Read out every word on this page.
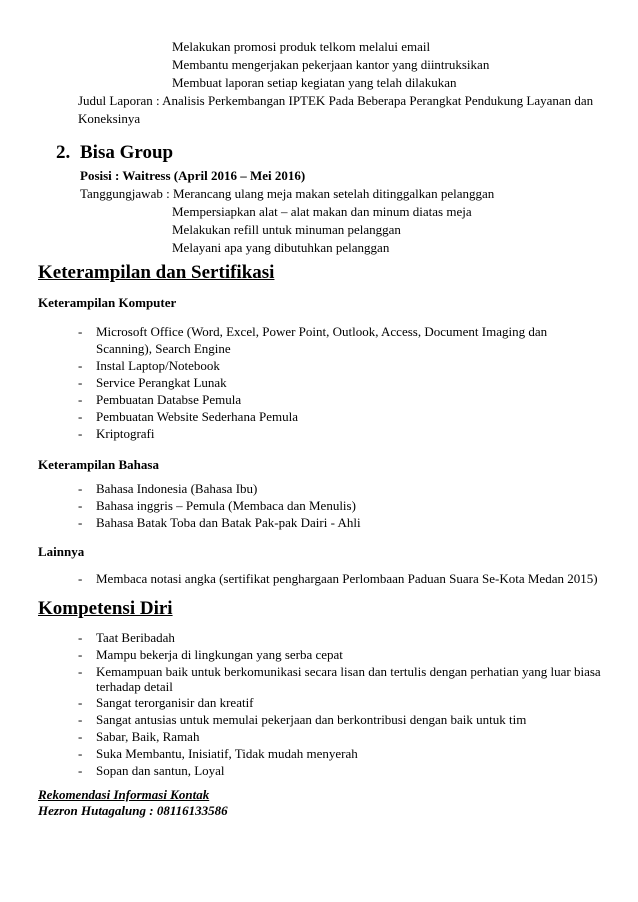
Melakukan promosi produk telkom melalui email
Membantu mengerjakan pekerjaan kantor yang diintruksikan
Membuat laporan setiap kegiatan yang telah dilakukan
Judul Laporan : Analisis Perkembangan IPTEK Pada Beberapa Perangkat Pendukung Layanan dan
Koneksinya
2. Bisa Group
Posisi : Waitress (April 2016 – Mei 2016)
Tanggungjawab : Merancang ulang meja makan setelah ditinggalkan pelanggan
Mempersiapkan alat – alat makan dan minum diatas meja
Melakukan refill untuk minuman pelanggan
Melayani apa yang dibutuhkan pelanggan
Keterampilan dan Sertifikasi
Keterampilan Komputer
- Microsoft Office (Word, Excel, Power Point, Outlook, Access, Document Imaging dan
Scanning), Search Engine
- Instal Laptop/Notebook
- Service Perangkat Lunak
- Pembuatan Databse Pemula
- Pembuatan Website Sederhana Pemula
- Kriptografi
Keterampilan Bahasa
- Bahasa Indonesia (Bahasa Ibu)
- Bahasa inggris – Pemula (Membaca dan Menulis)
- Bahasa Batak Toba dan Batak Pak-pak Dairi - Ahli
Lainnya
- Membaca notasi angka (sertifikat penghargaan Perlombaan Paduan Suara Se-Kota Medan 2015)
Kompetensi Diri
- Taat Beribadah
- Mampu bekerja di lingkungan yang serba cepat
- Kemampuan baik untuk berkomunikasi secara lisan dan tertulis dengan perhatian yang luar biasa
terhadap detail
- Sangat terorganisir dan kreatif
- Sangat antusias untuk memulai pekerjaan dan berkontribusi dengan baik untuk tim
- Sabar, Baik, Ramah
- Suka Membantu, Inisiatif, Tidak mudah menyerah
- Sopan dan santun, Loyal
Rekomendasi Informasi Kontak
Hezron Hutagalung : 08116133586
